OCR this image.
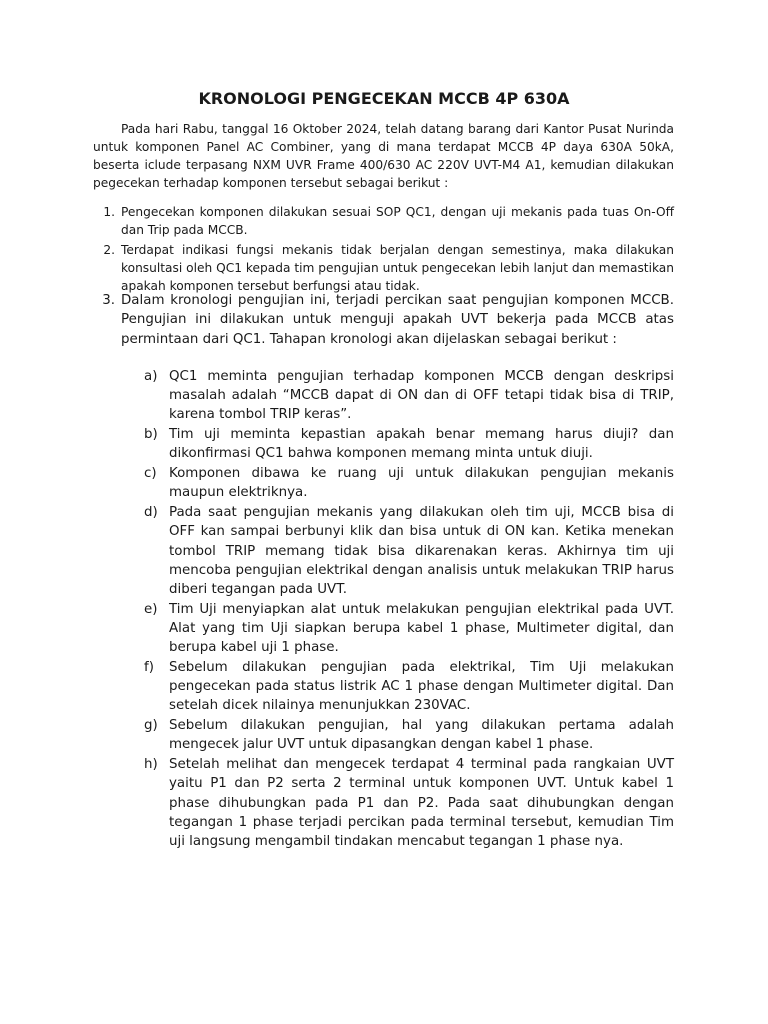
KRONOLOGI PENGECEKAN MCCB 4P 630A

Pada hari Rabu, tanggal 16 Oktober 2024, telah datang barang dari Kantor Pusat Nurinda untuk komponen Panel AC Combiner, yang di mana terdapat MCCB 4P daya 630A 50kA, beserta iclude terpasang NXM UVR Frame 400/630 AC 220V UVT-M4 A1, kemudian dilakukan pegecekan terhadap komponen tersebut sebagai berikut :

1. Pengecekan komponen dilakukan sesuai SOP QC1, dengan uji mekanis pada tuas On-Off dan Trip pada MCCB.
2. Terdapat indikasi fungsi mekanis tidak berjalan dengan semestinya, maka dilakukan konsultasi oleh QC1 kepada tim pengujian untuk pengecekan lebih lanjut dan memastikan apakah komponen tersebut berfungsi atau tidak.
3. Dalam kronologi pengujian ini, terjadi percikan saat pengujian komponen MCCB. Pengujian ini dilakukan untuk menguji apakah UVT bekerja pada MCCB atas permintaan dari QC1. Tahapan kronologi akan dijelaskan sebagai berikut :
a) QC1 meminta pengujian terhadap komponen MCCB dengan deskripsi masalah adalah “MCCB dapat di ON dan di OFF tetapi tidak bisa di TRIP, karena tombol TRIP keras”.
b) Tim uji meminta kepastian apakah benar memang harus diuji? dan dikonfirmasi QC1 bahwa komponen memang minta untuk diuji.
c) Komponen dibawa ke ruang uji untuk dilakukan pengujian mekanis maupun elektriknya.
d) Pada saat pengujian mekanis yang dilakukan oleh tim uji, MCCB bisa di OFF kan sampai berbunyi klik dan bisa untuk di ON kan. Ketika menekan tombol TRIP memang tidak bisa dikarenakan keras. Akhirnya tim uji mencoba pengujian elektrikal dengan analisis untuk melakukan TRIP harus diberi tegangan pada UVT.
e) Tim Uji menyiapkan alat untuk melakukan pengujian elektrikal pada UVT. Alat yang tim Uji siapkan berupa kabel 1 phase, Multimeter digital, dan berupa kabel uji 1 phase.
f) Sebelum dilakukan pengujian pada elektrikal, Tim Uji melakukan pengecekan pada status listrik AC 1 phase dengan Multimeter digital. Dan setelah dicek nilainya menunjukkan 230VAC.
g) Sebelum dilakukan pengujian, hal yang dilakukan pertama adalah mengecek jalur UVT untuk dipasangkan dengan kabel 1 phase.
h) Setelah melihat dan mengecek terdapat 4 terminal pada rangkaian UVT yaitu P1 dan P2 serta 2 terminal untuk komponen UVT. Untuk kabel 1 phase dihubungkan pada P1 dan P2. Pada saat dihubungkan dengan tegangan 1 phase terjadi percikan pada terminal tersebut, kemudian Tim uji langsung mengambil tindakan mencabut tegangan 1 phase nya.
